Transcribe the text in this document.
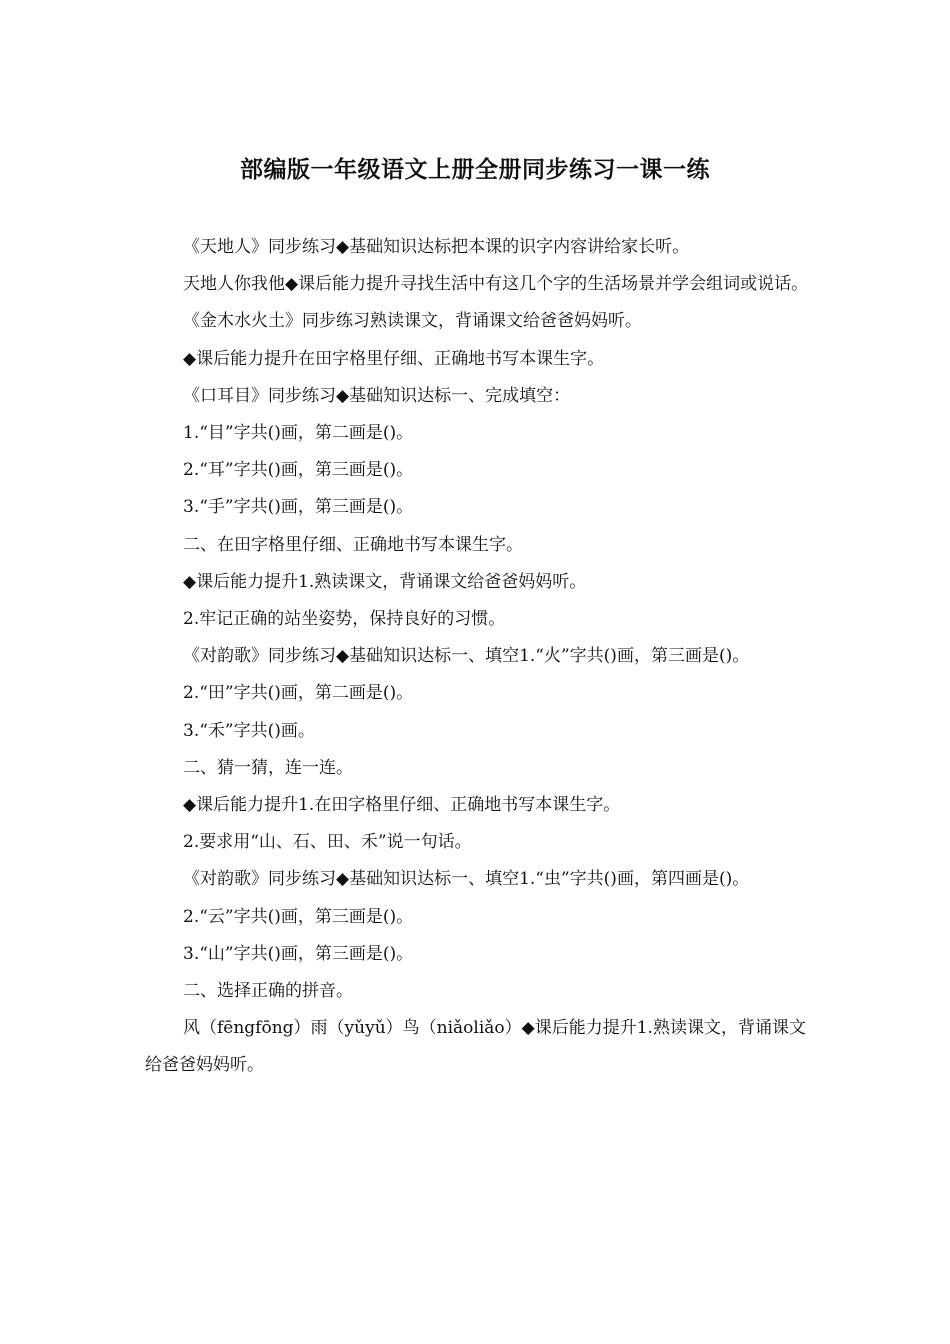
部编版一年级语文上册全册同步练习一课一练

《天地人》同步练习◆基础知识达标把本课的识字内容讲给家长听。

天地人你我他◆课后能力提升寻找生活中有这几个字的生活场景并学会组词或说话。

《金木水火土》同步练习熟读课文，背诵课文给爸爸妈妈听。

◆课后能力提升在田字格里仔细、正确地书写本课生字。

《口耳目》同步练习◆基础知识达标一、完成填空：

1.“目”字共()画，第二画是()。

2.“耳”字共()画，第三画是()。

3.“手”字共()画，第三画是()。

二、在田字格里仔细、正确地书写本课生字。

◆课后能力提升1.熟读课文，背诵课文给爸爸妈妈听。

2.牢记正确的站坐姿势，保持良好的习惯。

《对韵歌》同步练习◆基础知识达标一、填空1.“火”字共()画，第三画是()。

2.“田”字共()画，第二画是()。

3.“禾”字共()画。

二、猜一猜，连一连。

◆课后能力提升1.在田字格里仔细、正确地书写本课生字。

2.要求用“山、石、田、禾”说一句话。

《对韵歌》同步练习◆基础知识达标一、填空1.“虫”字共()画，第四画是()。

2.“云”字共()画，第三画是()。

3.“山”字共()画，第三画是()。

二、选择正确的拼音。

风（fēngfōng）雨（yǔyǔ）鸟（niǎoliǎo）◆课后能力提升1.熟读课文，背诵课文给爸爸妈妈听。
